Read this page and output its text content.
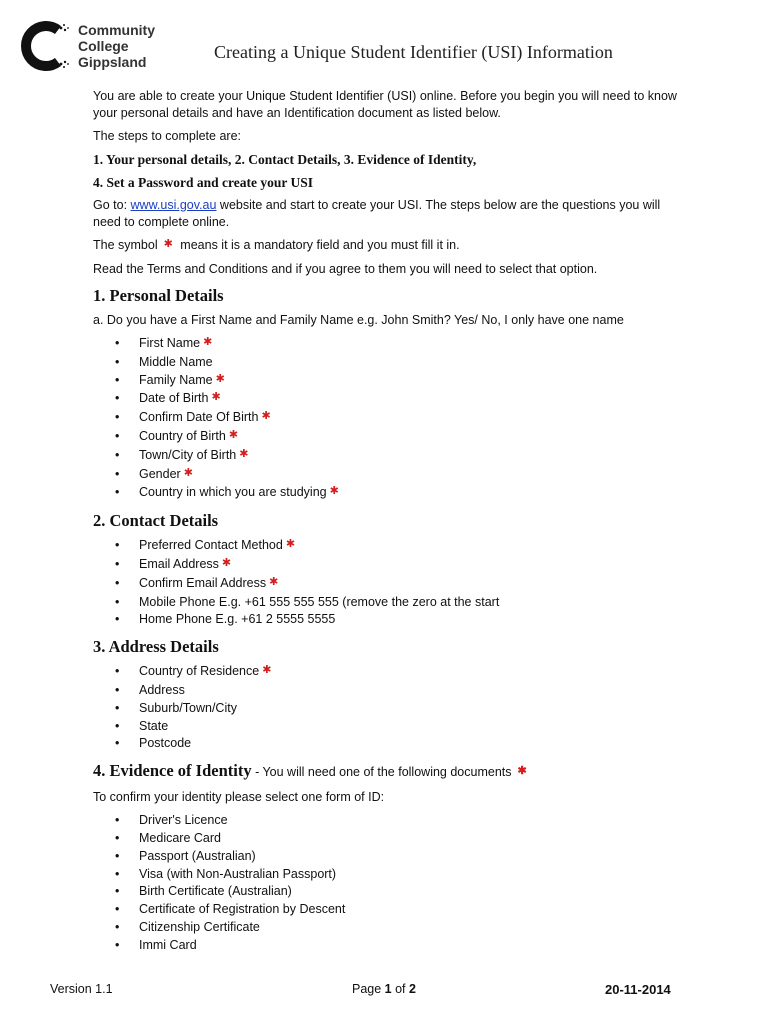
Community
College
Gippsland	Creating a Unique Student Identifier (USI) Information

You are able to create your Unique Student Identifier (USI) online. Before you begin you will need to know your personal details and have an Identification document as listed below.

The steps to complete are:

1. Your personal details, 2. Contact Details, 3. Evidence of Identity,

4. Set a Password and create your USI

Go to: www.usi.gov.au website and start to create your USI. The steps below are the questions you will need to complete online.

The symbol ✱ means it is a mandatory field and you must fill it in.

Read the Terms and Conditions and if you agree to them you will need to select that option.

1. Personal Details

a. Do you have a First Name and Family Name e.g. John Smith? Yes/ No, I only have one name

• First Name ✱
• Middle Name
• Family Name ✱
• Date of Birth ✱
• Confirm Date Of Birth ✱
• Country of Birth ✱
• Town/City of Birth ✱
• Gender ✱
• Country in which you are studying ✱
2. Contact Details
• Preferred Contact Method ✱
• Email Address ✱
• Confirm Email Address ✱
• Mobile Phone E.g. +61 555 555 555 (remove the zero at the start
• Home Phone E.g. +61 2 5555 5555
3. Address Details
• Country of Residence ✱
• Address
• Suburb/Town/City
• State
• Postcode
4. Evidence of Identity - You will need one of the following documents ✱

To confirm your identity please select one form of ID:

• Driver's Licence
• Medicare Card
• Passport (Australian)
• Visa (with Non-Australian Passport)
• Birth Certificate (Australian)
• Certificate of Registration by Descent
• Citizenship Certificate
• Immi Card
Version 1.1	Page 1 of 2	20-11-2014
